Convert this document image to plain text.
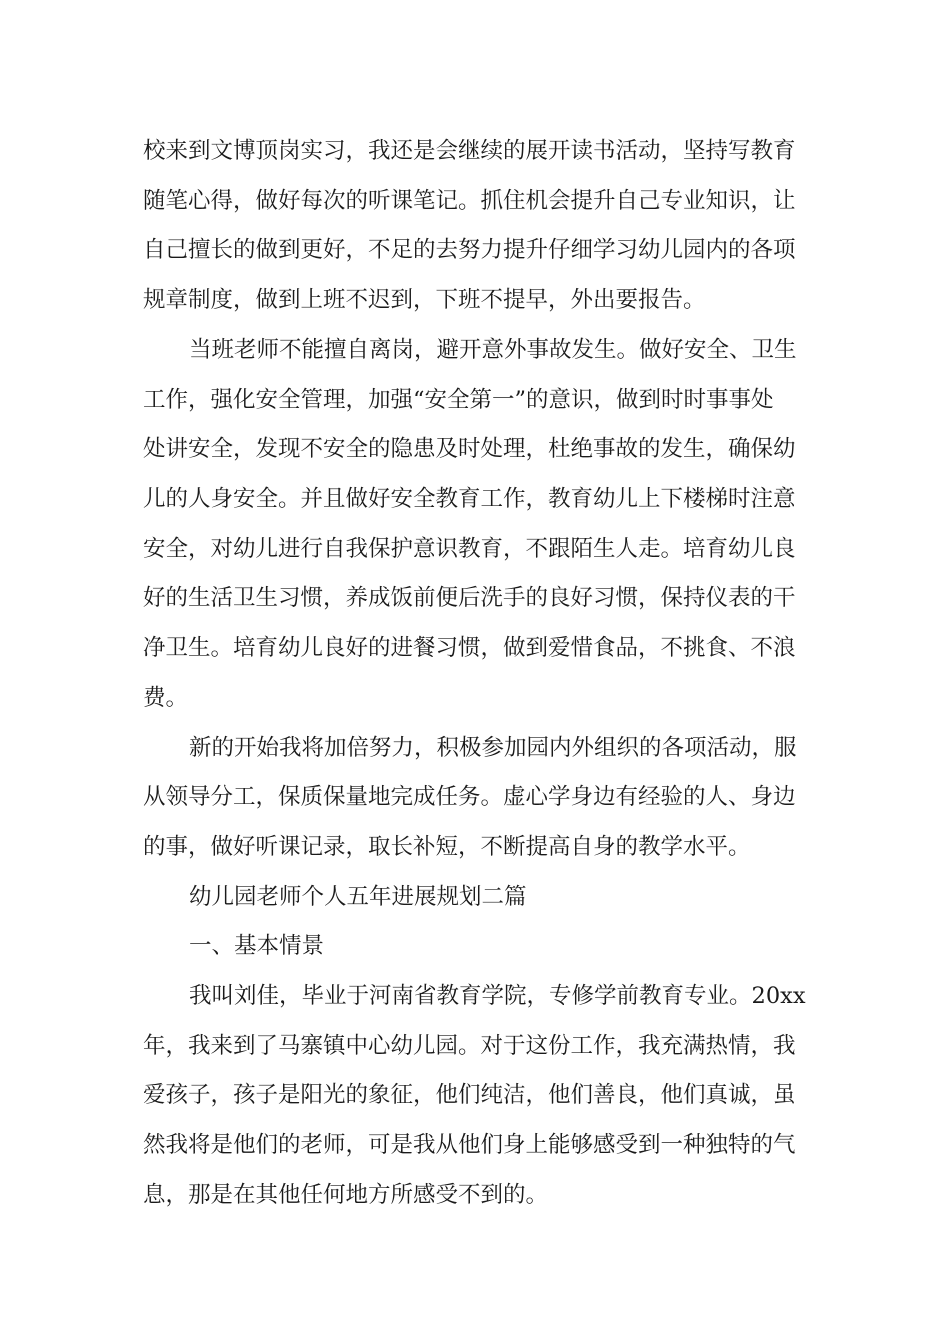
校来到文博顶岗实习，我还是会继续的展开读书活动，坚持写教育
随笔心得，做好每次的听课笔记。抓住机会提升自己专业知识，让
自己擅长的做到更好，不足的去努力提升仔细学习幼儿园内的各项
规章制度，做到上班不迟到，下班不提早，外出要报告。
当班老师不能擅自离岗，避开意外事故发生。做好安全、卫生
工作，强化安全管理，加强“安全第一”的意识，做到时时事事处
处讲安全，发现不安全的隐患及时处理，杜绝事故的发生，确保幼
儿的人身安全。并且做好安全教育工作，教育幼儿上下楼梯时注意
安全，对幼儿进行自我保护意识教育，不跟陌生人走。培育幼儿良
好的生活卫生习惯，养成饭前便后洗手的良好习惯，保持仪表的干
净卫生。培育幼儿良好的进餐习惯，做到爱惜食品，不挑食、不浪
费。
新的开始我将加倍努力，积极参加园内外组织的各项活动，服
从领导分工，保质保量地完成任务。虚心学身边有经验的人、身边
的事，做好听课记录，取长补短，不断提高自身的教学水平。
幼儿园老师个人五年进展规划二篇
一、基本情景
我叫刘佳，毕业于河南省教育学院，专修学前教育专业。20xx
年，我来到了马寨镇中心幼儿园。对于这份工作，我充满热情，我
爱孩子，孩子是阳光的象征，他们纯洁，他们善良，他们真诚，虽
然我将是他们的老师，可是我从他们身上能够感受到一种独特的气
息，那是在其他任何地方所感受不到的。
